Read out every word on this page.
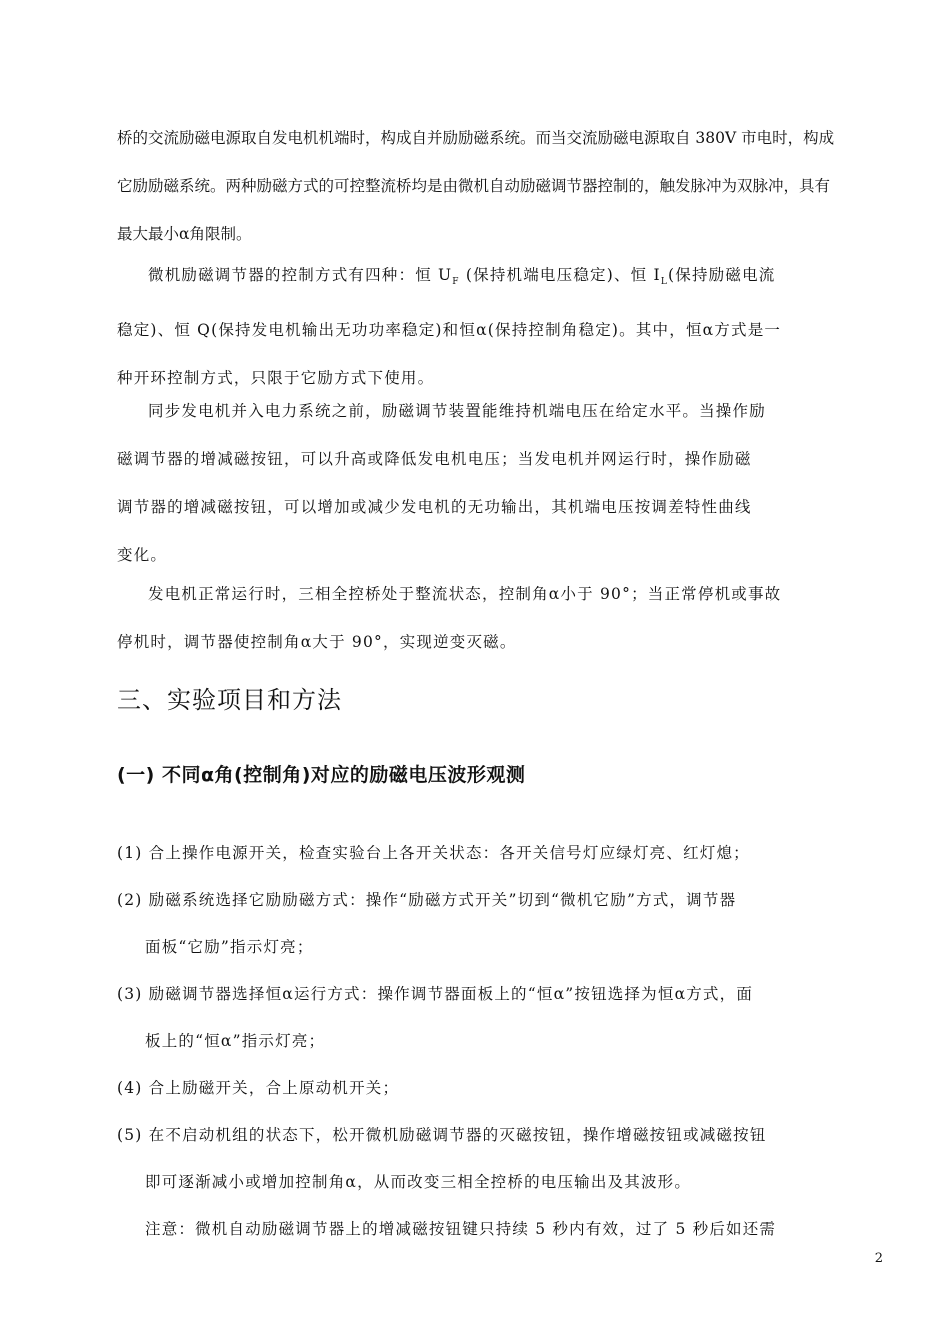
桥的交流励磁电源取自发电机机端时，构成自并励励磁系统。而当交流励磁电源取自 380V 市电时，构成
它励励磁系统。两种励磁方式的可控整流桥均是由微机自动励磁调节器控制的，触发脉冲为双脉冲，具有
最大最小α角限制。
微机励磁调节器的控制方式有四种：恒 $U_F$ (保持机端电压稳定)、恒 $I_L$(保持励磁电流
稳定)、恒 Q(保持发电机输出无功功率稳定)和恒α(保持控制角稳定)。其中，恒α方式是一
种开环控制方式，只限于它励方式下使用。
同步发电机并入电力系统之前，励磁调节装置能维持机端电压在给定水平。当操作励
磁调节器的增减磁按钮，可以升高或降低发电机电压；当发电机并网运行时，操作励磁
调节器的增减磁按钮，可以增加或减少发电机的无功输出，其机端电压按调差特性曲线
变化。
发电机正常运行时，三相全控桥处于整流状态，控制角α小于 90°；当正常停机或事故
停机时，调节器使控制角α大于 90°，实现逆变灭磁。
三、实验项目和方法
(一) 不同α角(控制角)对应的励磁电压波形观测
(1) 合上操作电源开关，检查实验台上各开关状态：各开关信号灯应绿灯亮、红灯熄；
(2) 励磁系统选择它励励磁方式：操作“励磁方式开关”切到“微机它励”方式，调节器
面板“它励”指示灯亮；
(3) 励磁调节器选择恒α运行方式：操作调节器面板上的“恒α”按钮选择为恒α方式，面
板上的“恒α”指示灯亮；
(4) 合上励磁开关，合上原动机开关；
(5) 在不启动机组的状态下，松开微机励磁调节器的灭磁按钮，操作增磁按钮或减磁按钮
即可逐渐减小或增加控制角α，从而改变三相全控桥的电压输出及其波形。
注意：微机自动励磁调节器上的增减磁按钮键只持续 5 秒内有效，过了 5 秒后如还需
2
